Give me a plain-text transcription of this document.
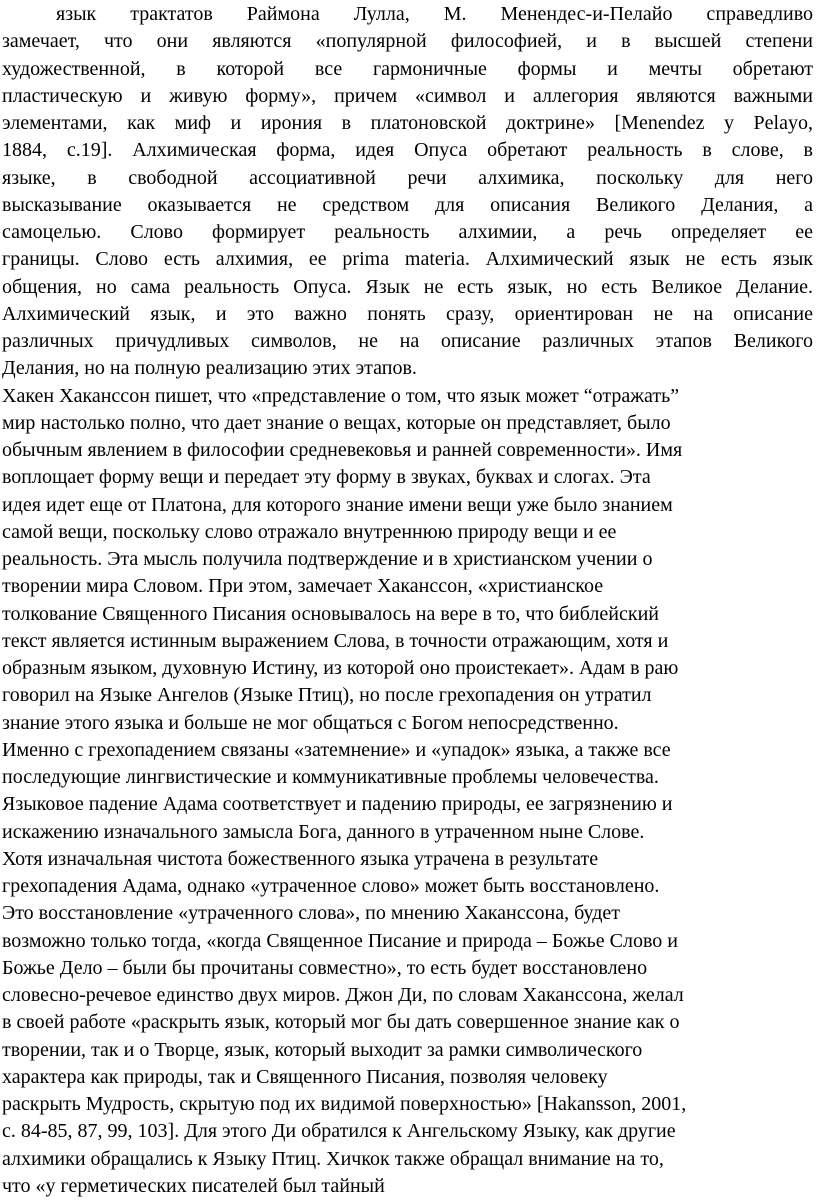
язык трактатов Раймона Лулла, М. Менендес-и-Пелайо справедливо
замечает, что они являются «популярной философией, и в высшей степени
художественной, в которой все гармоничные формы и мечты обретают
пластическую и живую форму», причем «символ и аллегория являются важными
элементами, как миф и ирония в платоновской доктрине» [Menendez y Pelayo,
1884, с.19]. Алхимическая форма, идея Опуса обретают реальность в слове, в
языке, в свободной ассоциативной речи алхимика, поскольку для него
высказывание оказывается не средством для описания Великого Делания, а
самоцелью. Слово формирует реальность алхимии, а речь определяет ее
границы. Слово есть алхимия, ее prima materia. Алхимический язык не есть язык
общения, но сама реальность Опуса. Язык не есть язык, но есть Великое Делание.
Алхимический язык, и это важно понять сразу, ориентирован не на описание
различных причудливых символов, не на описание различных этапов Великого
Делания, но на полную реализацию этих этапов.
Хакен Хаканссон пишет, что «представление о том, что язык может “отражать”
мир настолько полно, что дает знание о вещах, которые он представляет, было
обычным явлением в философии средневековья и ранней современности». Имя
воплощает форму вещи и передает эту форму в звуках, буквах и слогах. Эта
идея идет еще от Платона, для которого знание имени вещи уже было знанием
самой вещи, поскольку слово отражало внутреннюю природу вещи и ее
реальность. Эта мысль получила подтверждение и в христианском учении о
творении мира Словом. При этом, замечает Хаканссон, «христианское
толкование Священного Писания основывалось на вере в то, что библейский
текст является истинным выражением Слова, в точности отражающим, хотя и
образным языком, духовную Истину, из которой оно проистекает». Адам в раю
говорил на Языке Ангелов (Языке Птиц), но после грехопадения он утратил
знание этого языка и больше не мог общаться с Богом непосредственно.
Именно с грехопадением связаны «затемнение» и «упадок» языка, а также все
последующие лингвистические и коммуникативные проблемы человечества.
Языковое падение Адама соответствует и падению природы, ее загрязнению и
искажению изначального замысла Бога, данного в утраченном ныне Слове.
Хотя изначальная чистота божественного языка утрачена в результате
грехопадения Адама, однако «утраченное слово» может быть восстановлено.
Это восстановление «утраченного слова», по мнению Хаканссона, будет
возможно только тогда, «когда Священное Писание и природа – Божье Слово и
Божье Дело – были бы прочитаны совместно», то есть будет восстановлено
словесно-речевое единство двух миров. Джон Ди, по словам Хаканссона, желал
в своей работе «раскрыть язык, который мог бы дать совершенное знание как о
творении, так и о Творце, язык, который выходит за рамки символического
характера как природы, так и Священного Писания, позволяя человеку
раскрыть Мудрость, скрытую под их видимой поверхностью» [Hakansson, 2001,
с. 84-85, 87, 99, 103]. Для этого Ди обратился к Ангельскому Языку, как другие
алхимики обращались к Языку Птиц. Хичкок также обращал внимание на то,
что «у герметических писателей был тайный
